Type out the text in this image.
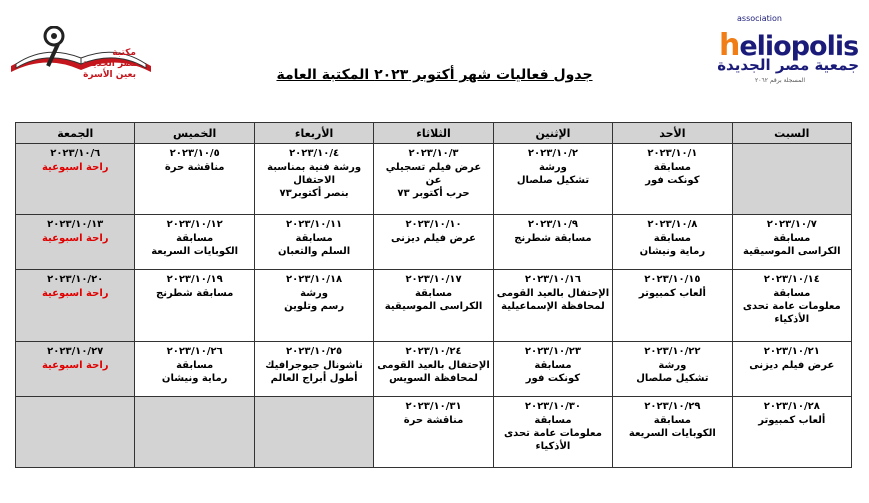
مكتبة
مصر الجديدة
بعين الأسرة
association
heliopolis
جمعية مصر الجديدة
المسجلة برقم ٢٠٦٢
جدول فعاليات شهر أكتوبر ٢٠٢٣ المكتبة العامة
السبت	الأحد	الإثنين	الثلاثاء	الأربعاء	الخميس	الجمعة

	٢٠٢٣/١٠/١
مسابقة
كونكت فور	٢٠٢٣/١٠/٢
ورشة
تشكيل صلصال	٢٠٢٣/١٠/٣
عرض فيلم تسجيلي عن
حرب أكتوبر ٧٣	٢٠٢٣/١٠/٤
ورشة فنية بمناسبة الاحتفال
بنصر أكتوبر٧٣	٢٠٢٣/١٠/٥
مناقشة حرة	٢٠٢٣/١٠/٦
راحة اسبوعية

٢٠٢٣/١٠/٧
مسابقة
الكراسى الموسيقية	٢٠٢٣/١٠/٨
مسابقة
رماية ونيشان	٢٠٢٣/١٠/٩
مسابقة شطرنج	٢٠٢٣/١٠/١٠
عرض فيلم ديزنى	٢٠٢٣/١٠/١١
مسابقة
السلم والتعبان	٢٠٢٣/١٠/١٢
مسابقة
الكوبايات السريعة	٢٠٢٣/١٠/١٣
راحة اسبوعية

٢٠٢٣/١٠/١٤
مسابقة
معلومات عامة تحدى
الأذكياء	٢٠٢٣/١٠/١٥
ألعاب كمبيوتر	٢٠٢٣/١٠/١٦
الإحتفال بالعيد القومى
لمحافظة الإسماعيلية	٢٠٢٣/١٠/١٧
مسابقة
الكراسى الموسيقية	٢٠٢٣/١٠/١٨
ورشة
رسم وتلوين	٢٠٢٣/١٠/١٩
مسابقة شطرنج	٢٠٢٣/١٠/٢٠
راحة اسبوعية

٢٠٢٣/١٠/٢١
عرض فيلم ديزنى	٢٠٢٣/١٠/٢٢
ورشة
تشكيل صلصال	٢٠٢٣/١٠/٢٣
مسابقة
كونكت فور	٢٠٢٣/١٠/٢٤
الإحتفال بالعيد القومى
لمحافظة السويس	٢٠٢٣/١٠/٢٥
ناشونال جيوجرافيك
أطول أبراج العالم	٢٠٢٣/١٠/٢٦
مسابقة
رماية ونيشان	٢٠٢٣/١٠/٢٧
راحة اسبوعية

٢٠٢٣/١٠/٢٨
ألعاب كمبيوتر	٢٠٢٣/١٠/٢٩
مسابقة
الكوبايات السريعة	٢٠٢٣/١٠/٣٠
مسابقة
معلومات عامة تحدى
الأذكياء	٢٠٢٣/١٠/٣١
مناقشة حرة			
